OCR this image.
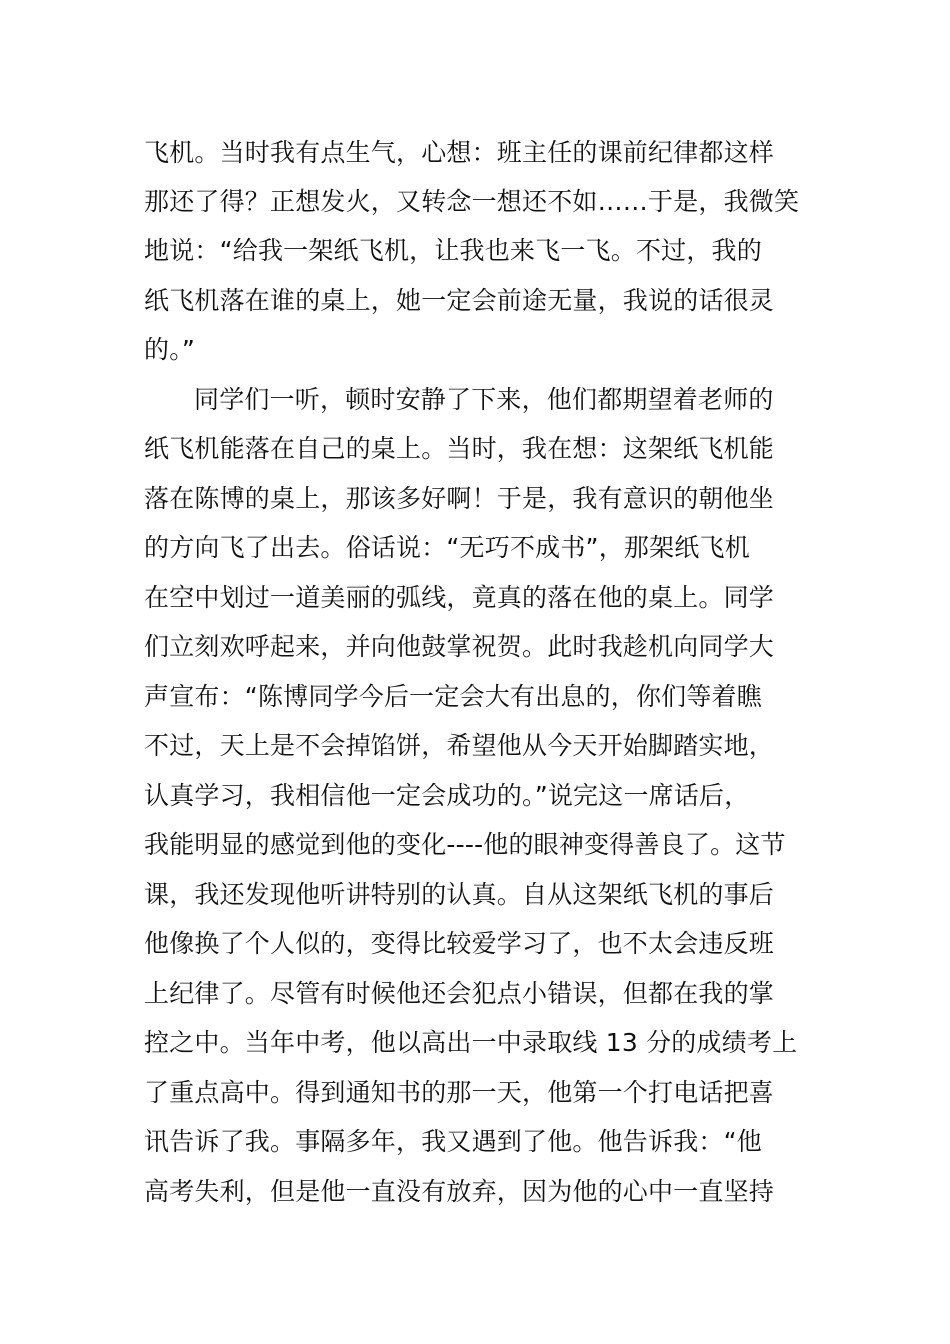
飞机。当时我有点生气，心想：班主任的课前纪律都这样
那还了得？正想发火，又转念一想还不如……于是，我微笑
地说：“给我一架纸飞机，让我也来飞一飞。不过，我的
纸飞机落在谁的桌上，她一定会前途无量，我说的话很灵
的。”
同学们一听，顿时安静了下来，他们都期望着老师的
纸飞机能落在自己的桌上。当时，我在想：这架纸飞机能
落在陈博的桌上，那该多好啊！于是，我有意识的朝他坐
的方向飞了出去。俗话说：“无巧不成书”，那架纸飞机
在空中划过一道美丽的弧线，竟真的落在他的桌上。同学
们立刻欢呼起来，并向他鼓掌祝贺。此时我趁机向同学大
声宣布：“陈博同学今后一定会大有出息的，你们等着瞧
不过，天上是不会掉馅饼，希望他从今天开始脚踏实地，
认真学习，我相信他一定会成功的。”说完这一席话后，
我能明显的感觉到他的变化----他的眼神变得善良了。这节
课，我还发现他听讲特别的认真。自从这架纸飞机的事后
他像换了个人似的，变得比较爱学习了，也不太会违反班
上纪律了。尽管有时候他还会犯点小错误，但都在我的掌
控之中。当年中考，他以高出一中录取线 13 分的成绩考上
了重点高中。得到通知书的那一天，他第一个打电话把喜
讯告诉了我。事隔多年，我又遇到了他。他告诉我：“他
高考失利，但是他一直没有放弃，因为他的心中一直坚持
